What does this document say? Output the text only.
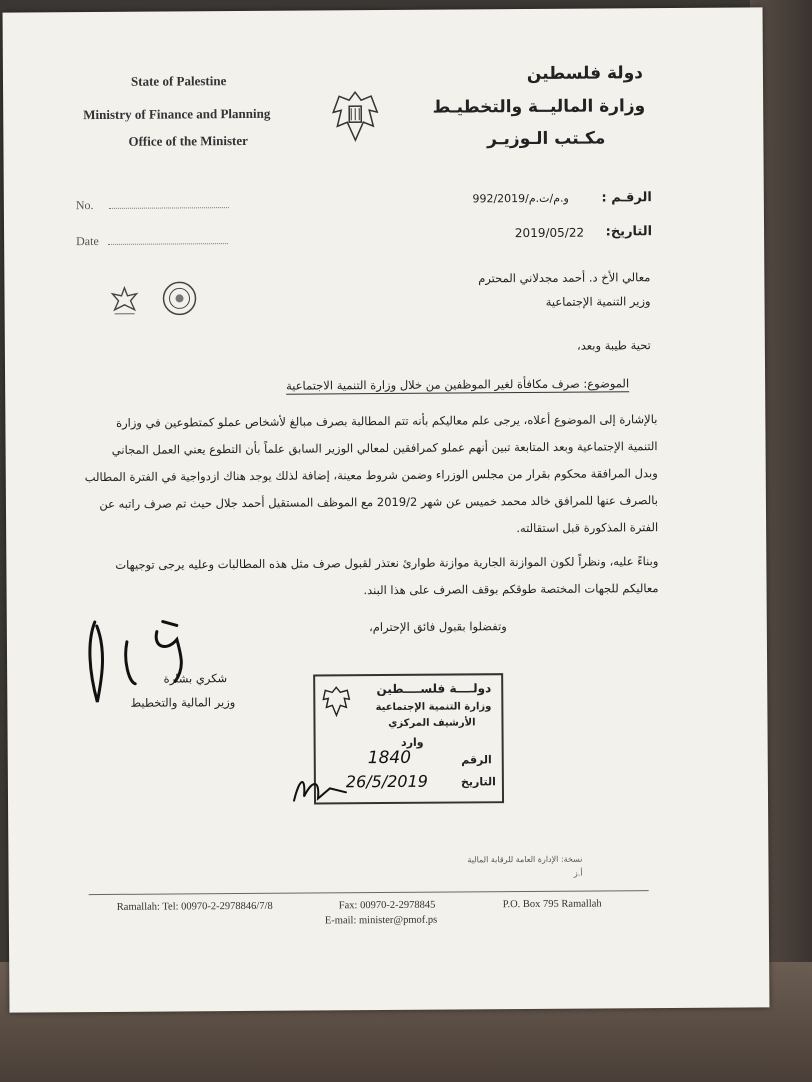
State of Palestine
Ministry of Finance and Planning
Office of the Minister
دولة فلسطين
وزارة الماليــة والتخطيـط
مكـتب الـوزيـر
No.
Date
الرقـم :
و.م/ت.م/992/2019
التاريخ:
2019/05/22
معالي الأخ د. أحمد مجدلاني المحترم
وزير التنمية الإجتماعية
تحية طيبة وبعد،
الموضوع: صرف مكافأة لغير الموظفين من خلال وزارة التنمية الاجتماعية
بالإشارة إلى الموضوع أعلاه، يرجى علم معاليكم بأنه تتم المطالبة بصرف مبالغ لأشخاص عملو كمتطوعين في وزارة
التنمية الإجتماعية وبعد المتابعة تبين أنهم عملو كمرافقين لمعالي الوزير السابق علماً بأن التطوع يعني العمل المجاني
وبدل المرافقة محكوم بقرار من مجلس الوزراء وضمن شروط معينة، إضافة لذلك يوجد هناك ازدواجية في الفترة المطالب
بالصرف عنها للمرافق خالد محمد خميس عن شهر 2019/2 مع الموظف المستقيل أحمد جلال حيث تم صرف راتبه عن
الفترة المذكورة قبل استقالته.
وبناءً عليه، ونظراً لكون الموازنة الجارية موازنة طوارئ نعتذر لقبول صرف مثل هذه المطالبات وعليه يرجى توجيهات
معاليكم للجهات المختصة طوقكم بوقف الصرف على هذا البند.
وتفضلوا بقبول فائق الإحترام،
شكري بشارة
وزير المالية والتخطيط
دولــــة فلســــطين
وزارة التنمية الإجتماعية
الأرشيف المركزي
وارد
الرقم
1840
التاريخ
26/5/2019
نسخة: الإدارة العامة للرقابة المالية
أ.ز
Ramallah: Tel: 00970-2-2978846/7/8	Fax: 00970-2-2978845
E-mail: minister@pmof.ps
P.O. Box 795 Ramallah
